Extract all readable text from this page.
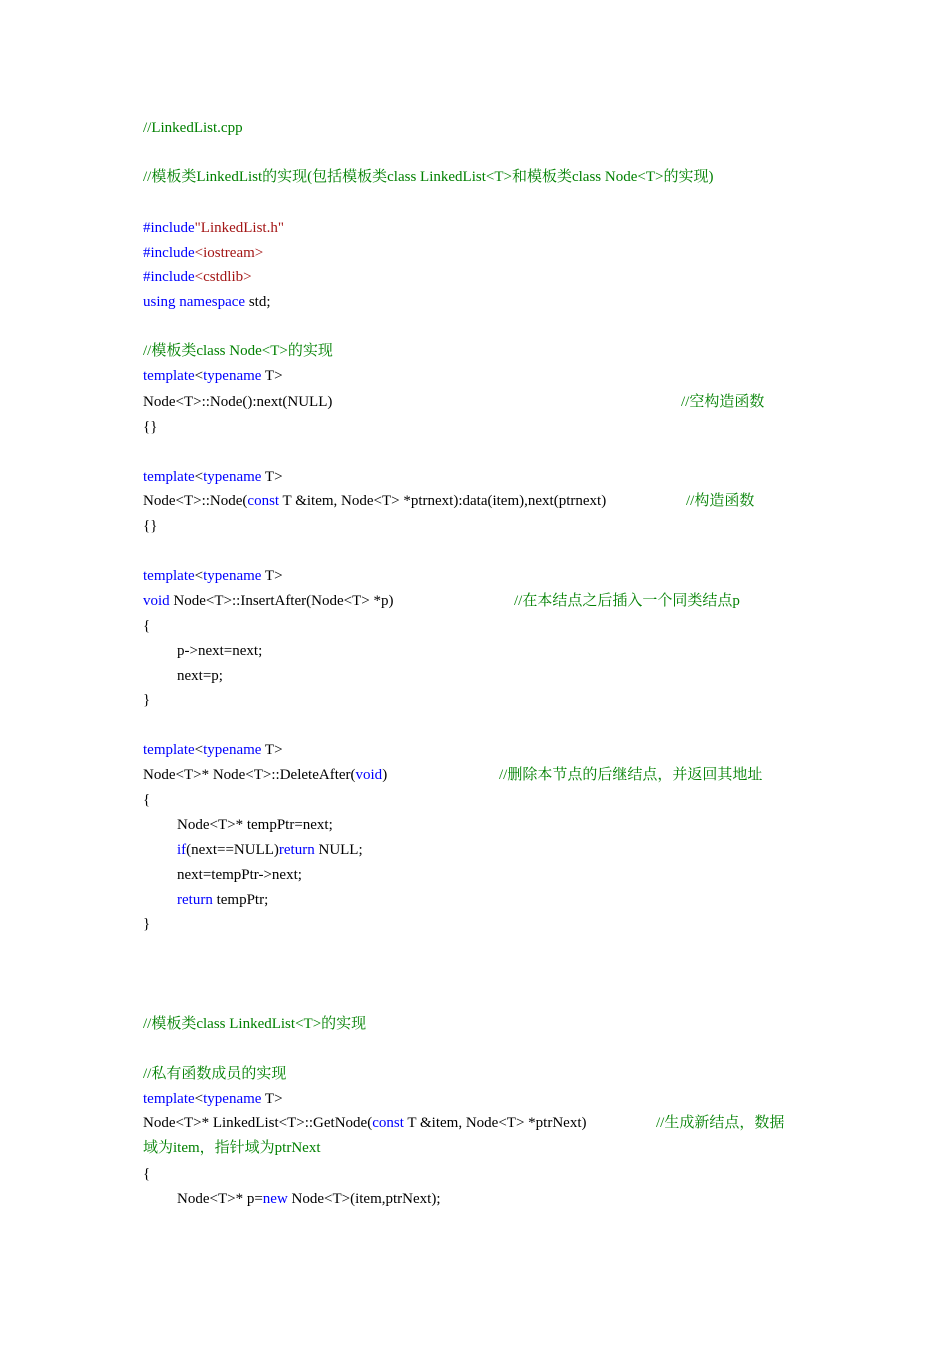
//LinkedList.cpp
//模板类LinkedList的实现(包括模板类class LinkedList<T>和模板类class Node<T>的实现)
#include"LinkedList.h"
#include<iostream>
#include<cstdlib>
using namespace std;
//模板类class Node<T>的实现
template<typename T>
Node<T>::Node():next(NULL)
{}
template<typename T>
Node<T>::Node(const T &item, Node<T> *ptrnext):data(item),next(ptrnext)
{}
template<typename T>
void Node<T>::InsertAfter(Node<T> *p)
{
p->next=next;
next=p;
}
template<typename T>
Node<T>* Node<T>::DeleteAfter(void)
{
Node<T>* tempPtr=next;
if(next==NULL)return NULL;
next=tempPtr->next;
return tempPtr;
}
//模板类class LinkedList<T>的实现
//私有函数成员的实现
template<typename T>
Node<T>* LinkedList<T>::GetNode(const T &item, Node<T> *ptrNext)
域为item，指针域为ptrNext
{
Node<T>* p=new Node<T>(item,ptrNext);
//空构造函数
//构造函数
//在本结点之后插入一个同类结点p
//删除本节点的后继结点，并返回其地址
//生成新结点，数据
